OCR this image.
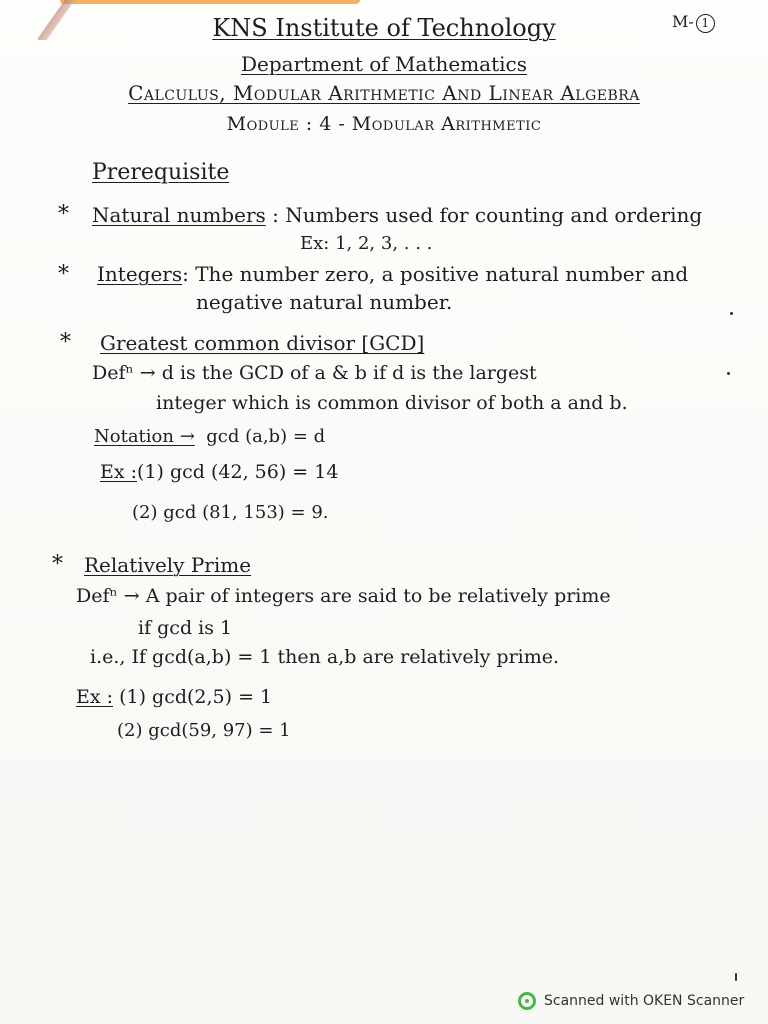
KNS Institute of Technology	M- 1
Department of Mathematics
Calculus, Modular Arithmetic And Linear Algebra
Module : 4 - Modular Arithmetic
Prerequisite
* Natural numbers : Numbers used for counting and ordering
Ex: 1, 2, 3, . . .
* Integers: The number zero, a positive natural number and
negative natural number.
* Greatest common divisor [GCD]
Defⁿ → d is the GCD of a & b if d is the largest
integer which is common divisor of both a and b.
Notation → gcd (a,b) = d
Ex :(1) gcd (42, 56) = 14
(2) gcd (81, 153) = 9.
* Relatively Prime
Defⁿ → A pair of integers are said to be relatively prime
if gcd is 1
i.e., If gcd(a,b) = 1 then a,b are relatively prime.
Ex : (1) gcd(2,5) = 1
(2) gcd(59, 97) = 1
Scanned with OKEN Scanner
